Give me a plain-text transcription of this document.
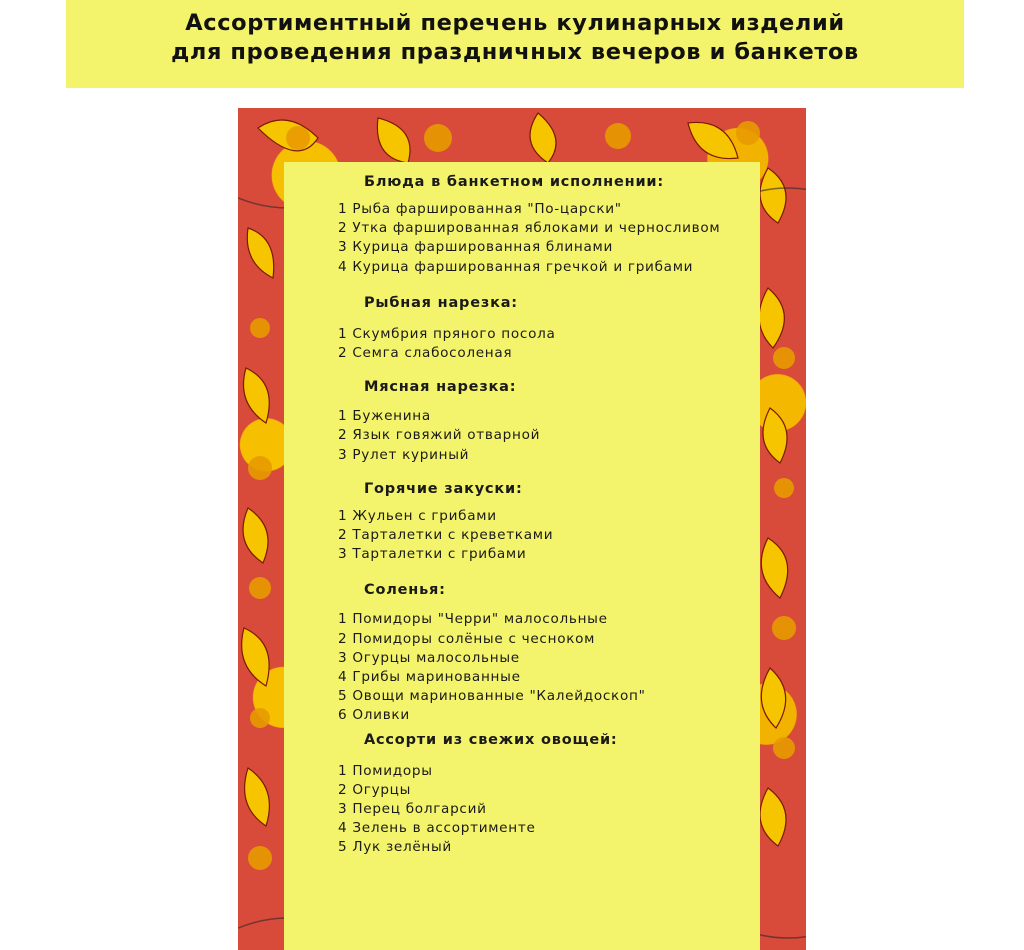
Ассортиментный перечень кулинарных изделий
для проведения праздничных вечеров и банкетов
Блюда в банкетном исполнении:
1 Рыба фаршированная "По-царски"
2 Утка фаршированная яблоками и черносливом
3 Курица фаршированная блинами
4 Курица фаршированная гречкой и грибами
Рыбная нарезка:
1 Скумбрия пряного посола
2 Семга слабосоленая
Мясная нарезка:
1 Буженина
2 Язык говяжий отварной
3 Рулет куриный
Горячие закуски:
1 Жульен с грибами
2 Тарталетки с креветками
3 Тарталетки с грибами
Соленья:
1 Помидоры "Черри" малосольные
2 Помидоры солёные с чесноком
3 Огурцы малосольные
4 Грибы маринованные
5 Овощи маринованные "Калейдоскоп"
6 Оливки
Ассорти из свежих овощей:
1 Помидоры
2 Огурцы
3 Перец болгарсий
4 Зелень в ассортименте
5 Лук зелёный
